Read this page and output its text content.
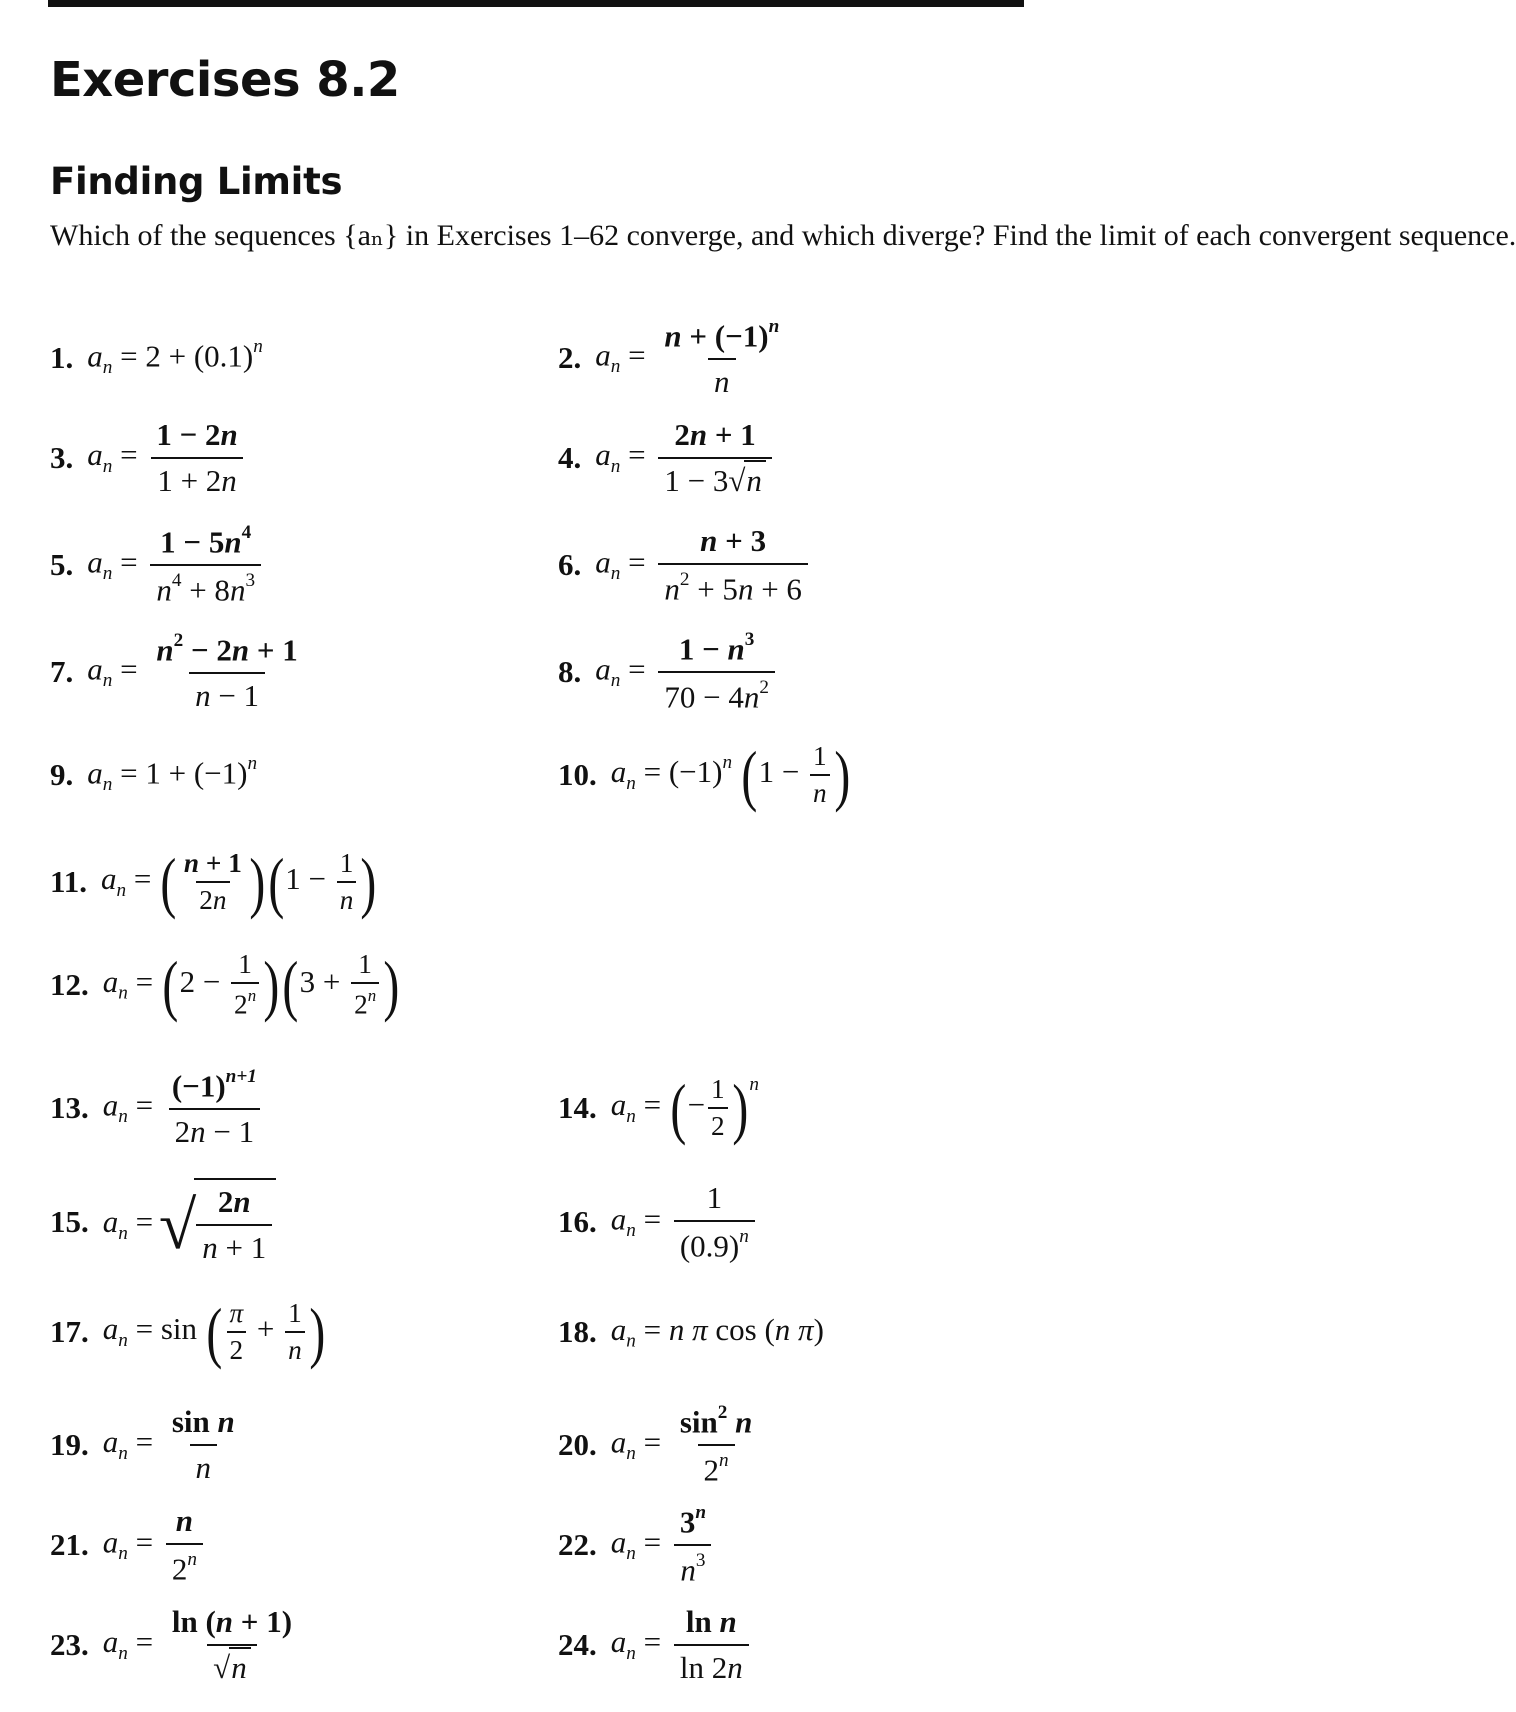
Exercises 8.2
Finding Limits
Which of the sequences {aₙ} in Exercises 1–62 converge, and which diverge? Find the limit of each convergent sequence.
1. $a_n = 2 + (0.1)^n$	2. $a_n = \frac{n + (-1)^n}{n}$
3. $a_n = \frac{1 - 2n}{1 + 2n}$	4. $a_n = \frac{2n + 1}{1 - 3√n}$
5. $a_n = \frac{1 - 5n^4}{n^4 + 8n^3}$	6. $a_n = \frac{n + 3}{n^2 + 5n + 6}$
7. $a_n = \frac{n^2 - 2n + 1}{n - 1}$	8. $a_n = \frac{1 - n^3}{70 - 4n^2}$
9. $a_n = 1 + (-1)^n$	10. $a_n = (-1)^n$ ($1 - \frac{1}{n}$ )
11. $a_n$ = ( $\frac{n + 1}{2n} )(1 - \frac{1}{n}$ )
12. $a_n = (2 - \frac{1}{2^n} )(3 + \frac{1}{2^n}$ )
13. $a_n = \frac{(-1)^{n+1}}{2n - 1}$	14. $a_n$ = (− $\frac{1}{2} )^n$
15. $a_n$ = √ $\frac{2n}{n + 1}$	16. $a_n = \frac{1}{(0.9)^n}$
17. $a_n = \sin$ ( $\frac{\pi}{2} + \frac{1}{n}$ )	18. $a_n = n$ π cos (n π)
19. $a_n = \frac{\text{sin n}}{n}$	20. $a_n = \frac{\sin^2 n}{2^n}$
21. $a_n = \frac{n}{2^n}$	22. $a_n = \frac{3^n}{n^3}$
23. $a_n = \frac{\ln (n + 1)}{√n}$	24. $a_n = \frac{\text{ln n}}{\ln 2n}$
